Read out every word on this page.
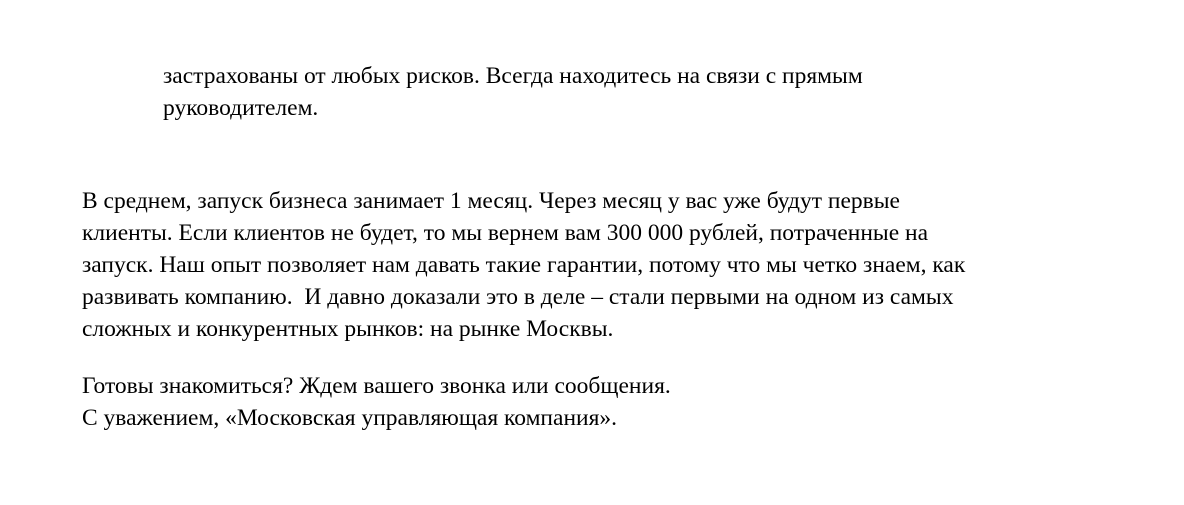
застрахованы от любых рисков. Всегда находитесь на связи с прямым
руководителем.
В среднем, запуск бизнеса занимает 1 месяц. Через месяц у вас уже будут первые
клиенты. Если клиентов не будет, то мы вернем вам 300 000 рублей, потраченные на
запуск. Наш опыт позволяет нам давать такие гарантии, потому что мы четко знаем, как
развивать компанию.  И давно доказали это в деле – стали первыми на одном из самых
сложных и конкурентных рынков: на рынке Москвы.
Готовы знакомиться? Ждем вашего звонка или сообщения.
С уважением, «Московская управляющая компания».
